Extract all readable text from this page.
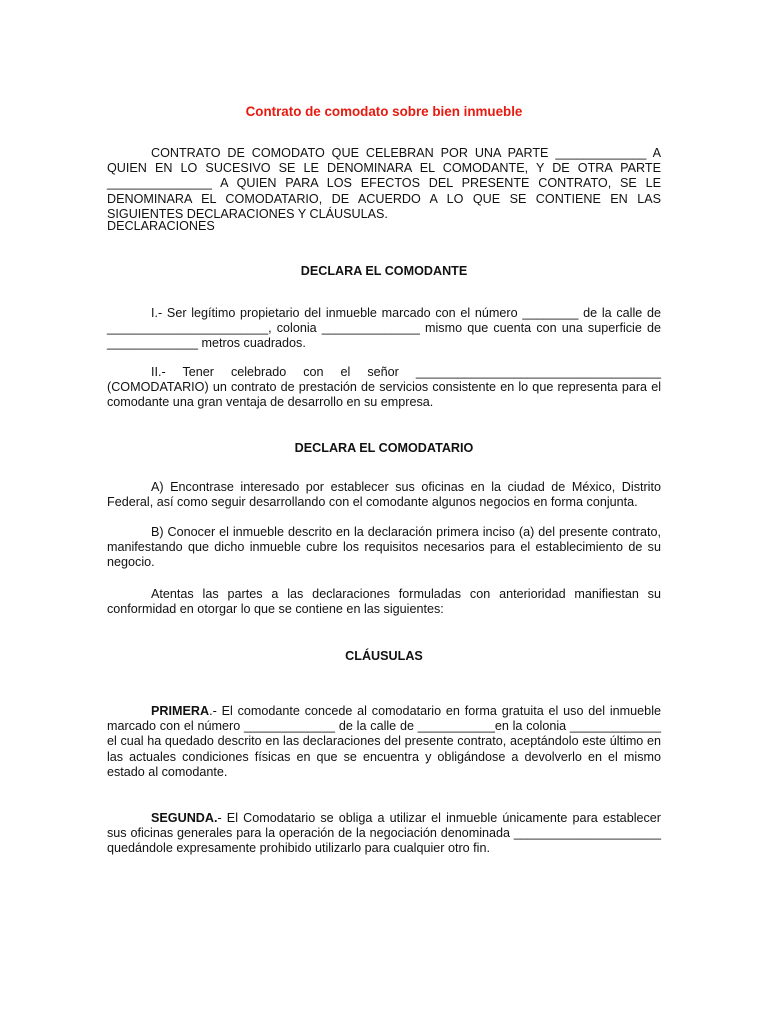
Contrato de comodato sobre bien inmueble

CONTRATO DE COMODATO QUE CELEBRAN POR UNA PARTE _____________ A QUIEN EN LO SUCESIVO SE LE DENOMINARA EL COMODANTE, Y DE OTRA PARTE _______________ A QUIEN PARA LOS EFECTOS DEL PRESENTE CONTRATO, SE LE DENOMINARA EL COMODATARIO, DE ACUERDO A LO QUE SE CONTIENE EN LAS SIGUIENTES DECLARACIONES Y CLÁUSULAS.

DECLARACIONES

DECLARA EL COMODANTE

I.- Ser legítimo propietario del inmueble marcado con el número ________ de la calle de _______________________, colonia ______________ mismo que cuenta con una superficie de _____________ metros cuadrados.

II.- Tener celebrado con el señor ___________________________________ (COMODATARIO) un contrato de prestación de servicios consistente en lo que representa para el comodante una gran ventaja de desarrollo en su empresa.

DECLARA EL COMODATARIO

A) Encontrase interesado por establecer sus oficinas en la ciudad de México, Distrito Federal, así como seguir desarrollando con el comodante algunos negocios en forma conjunta.

B) Conocer el inmueble descrito en la declaración primera inciso (a) del presente contrato, manifestando que dicho inmueble cubre los requisitos necesarios para el establecimiento de su negocio.

Atentas las partes a las declaraciones formuladas con anterioridad manifiestan su conformidad en otorgar lo que se contiene en las siguientes:

CLÁUSULAS

PRIMERA.- El comodante concede al comodatario en forma gratuita el uso del inmueble marcado con el número _____________ de la calle de ___________en la colonia _____________ el cual ha quedado descrito en las declaraciones del presente contrato, aceptándolo este último en las actuales condiciones físicas en que se encuentra y obligándose a devolverlo en el mismo estado al comodante.

SEGUNDA.- El Comodatario se obliga a utilizar el inmueble únicamente para establecer sus oficinas generales para la operación de la negociación denominada _____________________ quedándole expresamente prohibido utilizarlo para cualquier otro fin.
